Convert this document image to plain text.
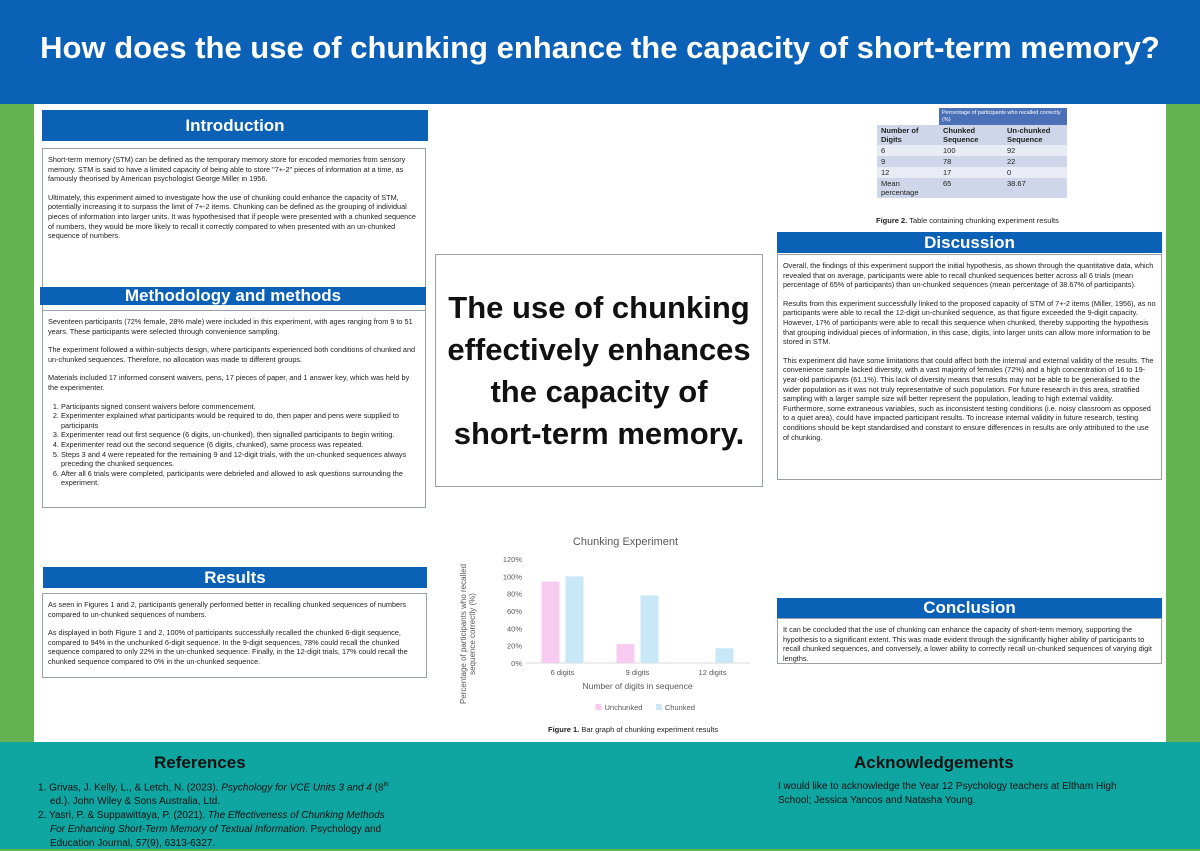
How does the use of chunking enhance the capacity of short-term memory?
Introduction

Short-term memory (STM) can be defined as the temporary memory store for encoded memories from sensory memory. STM is said to have a limited capacity of being able to store "7+-2" pieces of information at a time, as famously theorised by American psychologist George Miller in 1956.

Ultimately, this experiment aimed to investigate how the use of chunking could enhance the capacity of STM, potentially increasing it to surpass the limit of 7+-2 items. Chunking can be defined as the grouping of individual pieces of information into larger units. It was hypothesised that if people were presented with a chunked sequence of numbers, they would be more likely to recall it correctly compared to when presented with an un-chunked sequence of numbers.

Methodology and methods

Seventeen participants (72% female, 28% male) were included in this experiment, with ages ranging from 9 to 51 years. These participants were selected through convenience sampling.

The experiment followed a within-subjects design, where participants experienced both conditions of chunked and un-chunked sequences. Therefore, no allocation was made to different groups.

Materials included 17 informed consent waivers, pens, 17 pieces of paper, and 1 answer key, which was held by the experimenter.

1. Participants signed consent waivers before commencement.
2. Experimenter explained what participants would be required to do, then paper and pens were supplied to participants
3. Experimenter read out first sequence (6 digits, un-chunked), then signalled participants to begin writing.
4. Experimenter read out the second sequence (6 digits, chunked), same process was repeated.
5. Steps 3 and 4 were repeated for the remaining 9 and 12-digit trials, with the un-chunked sequences always preceding the chunked sequences.
6. After all 6 trials were completed, participants were debriefed and allowed to ask questions surrounding the experiment.
The use of chunking effectively enhances the capacity of short-term memory.
Results

As seen in Figures 1 and 2, participants generally performed better in recalling chunked sequences of numbers compared to un-chunked sequences of numbers.

As displayed in both Figure 1 and 2, 100% of participants successfully recalled the chunked 6-digit sequence, compared to 94% in the unchunked 6-digit sequence. In the 9-digit sequences, 78% could recall the chunked sequence compared to only 22% in the un-chunked sequence. Finally, in the 12-digit trials, 17% could recall the chunked sequence compared to 0% in the un-chunked sequence.

	Percentage of participants who recalled correctly (%)	
Number of Digits	Chunked Sequence	Un-chunked Sequence
6	100	92
9	78	22
12	17	0
Mean percentage	65	38.67
Figure 2. Table containing chunking experiment results
Discussion

Overall, the findings of this experiment support the initial hypothesis, as shown through the quantitative data, which revealed that on average, participants were able to recall chunked sequences better across all 6 trials (mean percentage of 65% of participants) than un-chunked sequences (mean percentage of 38.67% of participants).

Results from this experiment successfully linked to the proposed capacity of STM of 7+-2 items (Miller, 1956), as no participants were able to recall the 12-digit un-chunked sequence, as that figure exceeded the 9-digit capacity. However, 17% of participants were able to recall this sequence when chunked, thereby supporting the hypothesis that grouping individual pieces of information, in this case, digits, into larger units can allow more information to be stored in STM.

This experiment did have some limitations that could affect both the internal and external validity of the results. The convenience sample lacked diversity, with a vast majority of females (72%) and a high concentration of 16 to 19-year-old participants (61.1%). This lack of diversity means that results may not be able to be generalised to the wider population as it was not truly representative of such population. For future research in this area, stratified sampling with a larger sample size will better represent the population, leading to high external validity. Furthermore, some extraneous variables, such as inconsistent testing conditions (i.e. noisy classroom as opposed to a quiet area), could have impacted participant results. To increase internal validity in future research, testing conditions should be kept standardised and constant to ensure differences in results are only attributed to the use of chunking.

Conclusion

It can be concluded that the use of chunking can enhance the capacity of short-term memory, supporting the hypothesis to a significant extent. This was made evident through the significantly higher ability of participants to recall chunked sequences, and conversely, a lower ability to correctly recall un-chunked sequences of varying digit lengths.

Chunking Experiment
0%
20%
40%
60%
80%
100%
120%
6 digits	9 digits	12 digits
Number of digits in sequence
Percentage of participants who recalledsequence correctly (%)
Unchunked	Chunked
Figure 1. Bar graph of chunking experiment results
References
1. Grivas, J. Kelly, L., & Letch, N. (2023). Psychology for VCE Units 3 and 4 (8th ed.). John Wiley & Sons Australia, Ltd.
2. Yasri, P. & Suppawittaya, P. (2021). The Effectiveness of Chunking Methods For Enhancing Short-Term Memory of Textual Information. Psychology and Education Journal, 57(9), 6313-6327.
Acknowledgements
I would like to acknowledge the Year 12 Psychology teachers at Eltham High School; Jessica Yancos and Natasha Young.
